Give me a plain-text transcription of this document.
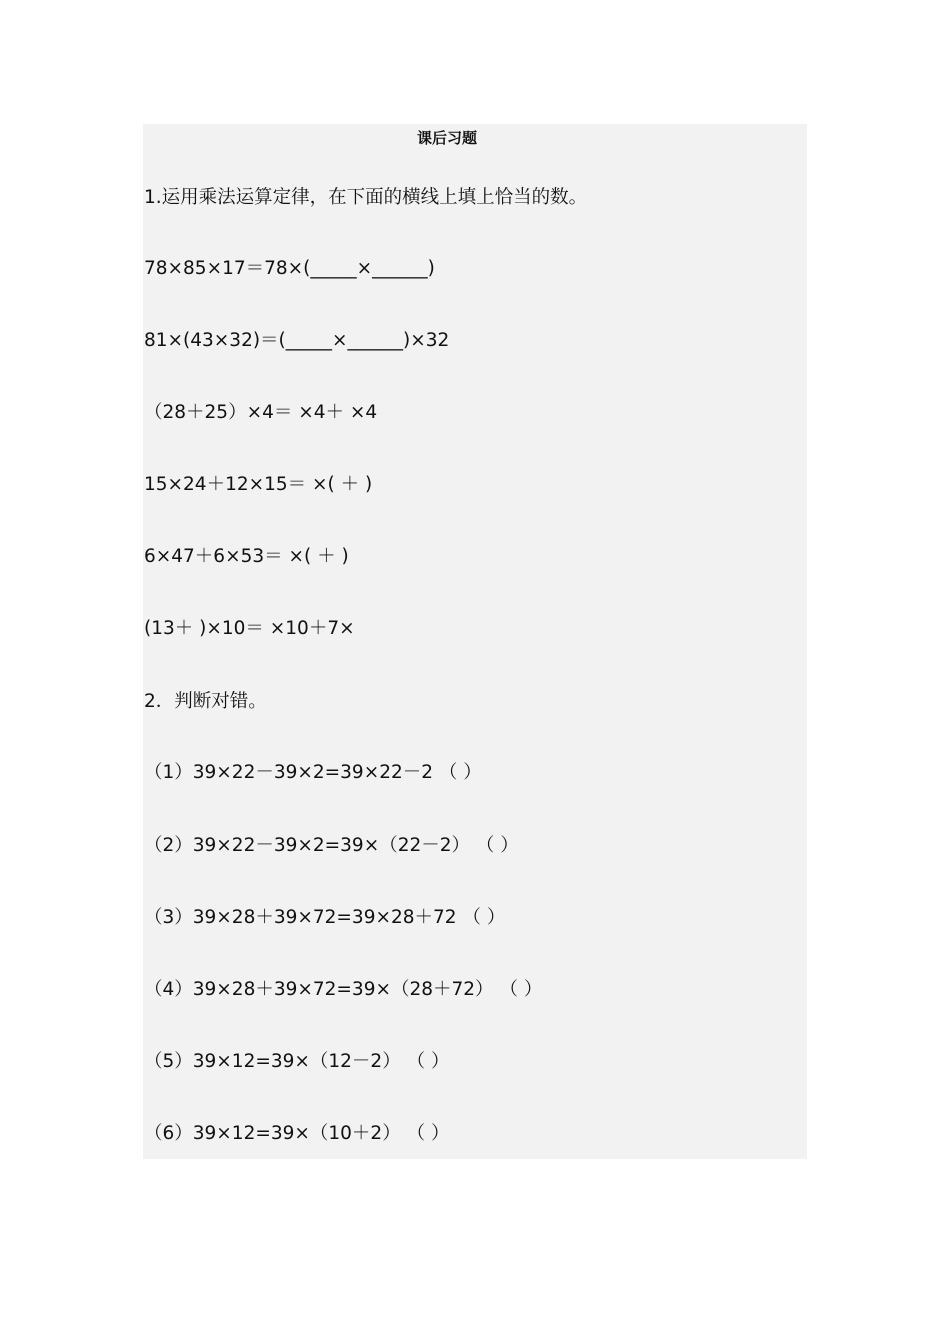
课后习题
1.运用乘法运算定律，在下面的横线上填上恰当的数。
78×85×17＝78×(_____×______)
81×(43×32)＝(_____×______)×32
（28＋25）×4＝ ×4＋ ×4
15×24＋12×15＝ ×( ＋ )
6×47＋6×53＝ ×( ＋ )
(13＋ )×10＝ ×10＋7×
2．判断对错。
（1）39×22－39×2=39×22－2 （ ）
（2）39×22－39×2=39×（22－2） （ ）
（3）39×28＋39×72=39×28＋72 （ ）
（4）39×28＋39×72=39×（28＋72） （ ）
（5）39×12=39×（12－2） （ ）
（6）39×12=39×（10＋2） （ ）
